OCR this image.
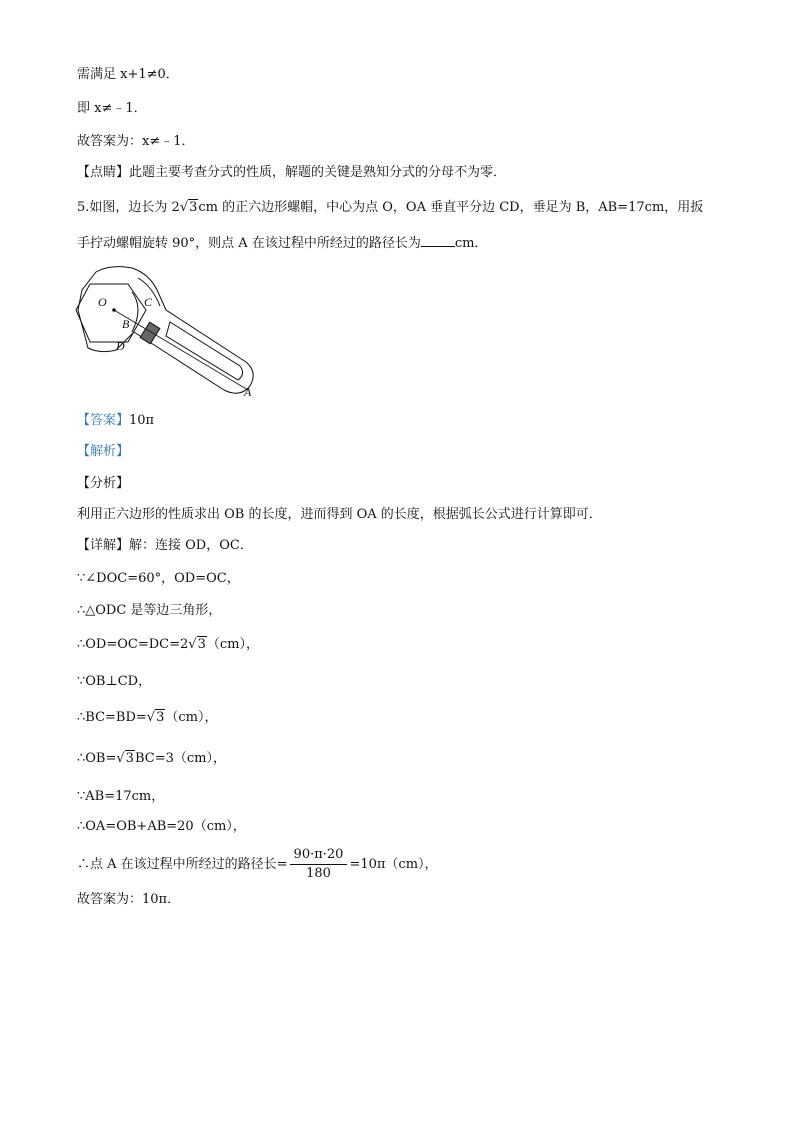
需满足 x+1≠0．
即 x≠﹣1．
故答案为：x≠﹣1．
【点睛】此题主要考查分式的性质，解题的关键是熟知分式的分母不为零．
5.如图，边长为 2√3cm 的正六边形螺帽，中心为点 O，OA 垂直平分边 CD，垂足为 B，AB=17cm，用扳
手拧动螺帽旋转 90°，则点 A 在该过程中所经过的路径长为	cm．
O	C
B
D
A
【答案】10π
【解析】
【分析】
利用正六边形的性质求出 OB 的长度，进而得到 OA 的长度，根据弧长公式进行计算即可．
【详解】解：连接 OD，OC．
∵∠DOC=60°，OD=OC，
∴△ODC 是等边三角形，
∴OD=OC=DC=2√3（cm），
∵OB⊥CD，
∴BC=BD=√3（cm），
∴OB=√3BC=3（cm），
∵AB=17cm，
∴OA=OB+AB=20（cm），
∴点 A 在该过程中所经过的路径长= $\frac{90\cdot\pi\cdot 20}{180} =10\pi(cm)$，
故答案为：10π．
